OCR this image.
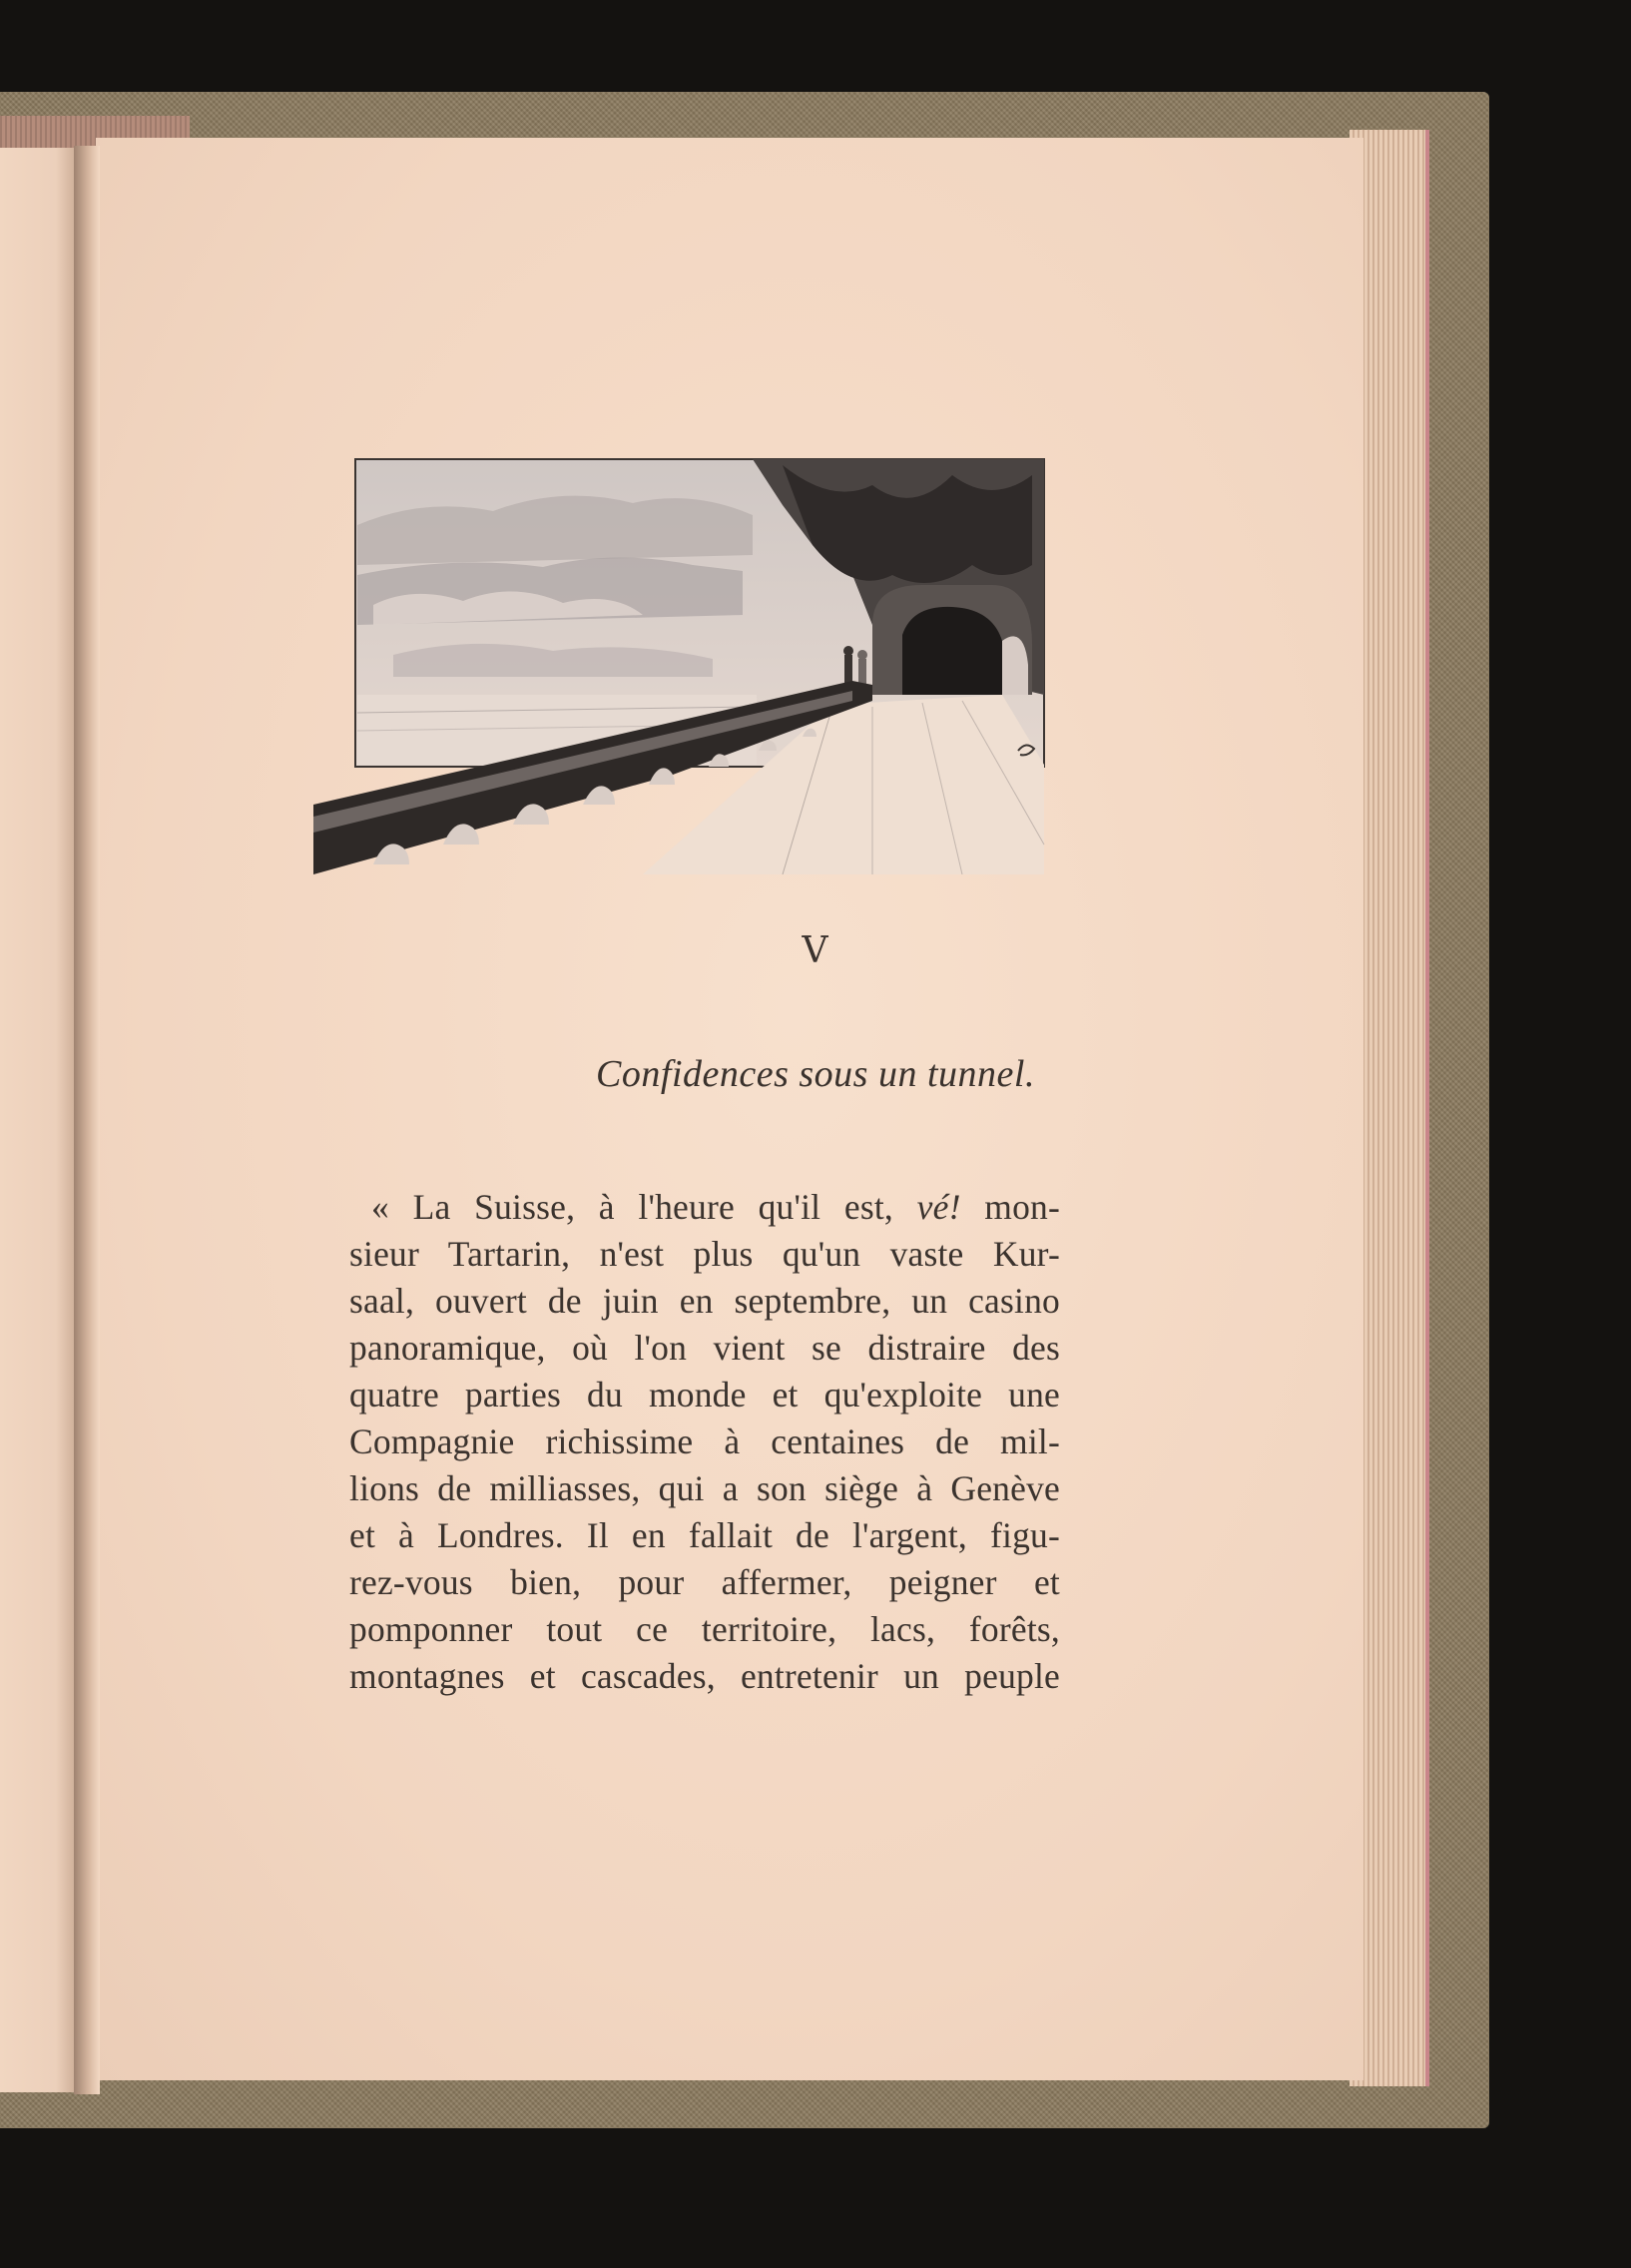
V
Confidences sous un tunnel.
« La Suisse, à l'heure qu'il est, vé! mon-
sieur Tartarin, n'est plus qu'un vaste Kur-
saal, ouvert de juin en septembre, un casino
panoramique, où l'on vient se distraire des
quatre parties du monde et qu'exploite une
Compagnie richissime à centaines de mil-
lions de milliasses, qui a son siège à Genève
et à Londres. Il en fallait de l'argent, figu-
rez-vous bien, pour affermer, peigner et
pomponner tout ce territoire, lacs, forêts,
montagnes et cascades, entretenir un peuple
